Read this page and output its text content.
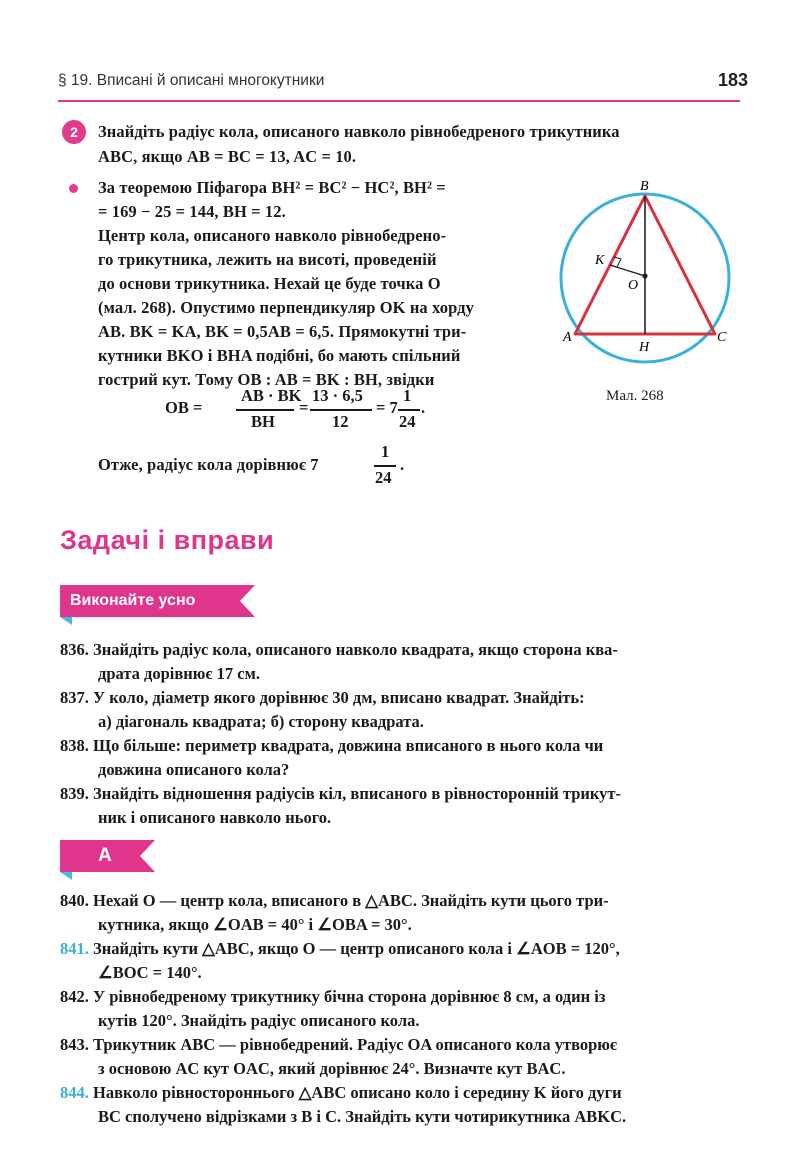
§ 19. Вписані й описані многокутники	183
2	Знайдіть радіус кола, описаного навколо рівнобедреного трикутника
ABC, якщо AB = BC = 13, AC = 10.
За теоремою Піфагора BH² = BC² − HC², BH² =
= 169 − 25 = 144, BH = 12.
Центр кола, описаного навколо рівнобедрено-
го трикутника, лежить на висоті, проведеній
до основи трикутника. Нехай це буде точка O
(мал. 268). Опустимо перпендикуляр OK на хорду
AB. BK = KA, BK = 0,5AB = 6,5. Прямокутні три-
кутники BKO і BHA подібні, бо мають спільний
гострий кут. Тому OB : AB = BK : BH, звідки
OB =
AB · BK
BH
=
13 · 6,5
12
= 7
1
24
.
Отже, радіус кола дорівнює 7
1
24
.
B
K
O
A
H
C
Мал. 268
Задачі і вправи
Виконайте усно
836. Знайдіть радіус кола, описаного навколо квадрата, якщо сторона ква-
драта дорівнює 17 см.
837. У коло, діаметр якого дорівнює 30 дм, вписано квадрат. Знайдіть:
а) діагональ квадрата; б) сторону квадрата.
838. Що більше: периметр квадрата, довжина вписаного в нього кола чи
довжина описаного кола?
839. Знайдіть відношення радіусів кіл, вписаного в рівносторонній трикут-
ник і описаного навколо нього.
А
840. Нехай O — центр кола, вписаного в △ABC. Знайдіть кути цього три-
кутника, якщо ∠OAB = 40° і ∠OBA = 30°.
841. Знайдіть кути △ABC, якщо O — центр описаного кола і ∠AOB = 120°,
∠BOC = 140°.
842. У рівнобедреному трикутнику бічна сторона дорівнює 8 см, а один із
кутів 120°. Знайдіть радіус описаного кола.
843. Трикутник ABC — рівнобедрений. Радіус OA описаного кола утворює
з основою AC кут OAC, який дорівнює 24°. Визначте кут BAC.
844. Навколо рівностороннього △ABC описано коло і середину K його дуги
BC сполучено відрізками з B і C. Знайдіть кути чотирикутника ABKC.
